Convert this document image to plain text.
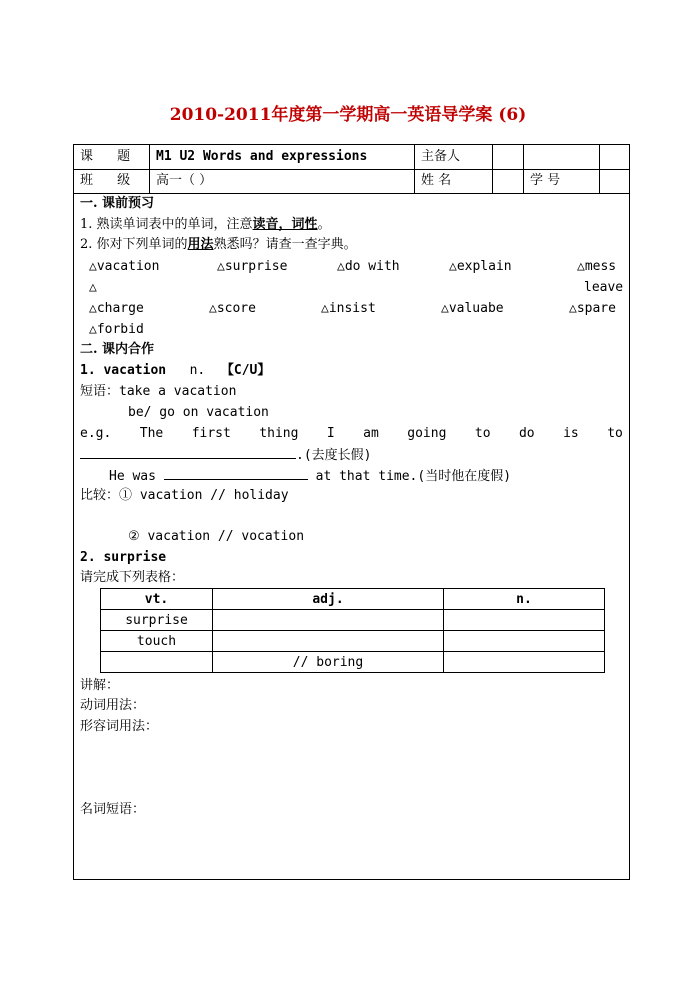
2010-2011年度第一学期高一英语导学案 (6)
课 题	M1 U2 Words and expressions	主备人
班 级	高一（ ）	姓 名	学 号
一. 课前预习
1. 熟读单词表中的单词，注意读音，词性。
2. 你对下列单词的用法熟悉吗？请查一查字典。
△vacation	△surprise	△do with	△explain	△mess
△	leave
△charge	△score	△insist	△valuabe	△spare
△forbid
二. 课内合作
1. vacation n. 【C/U】
短语：take a vacation
be/ go on vacation
e.g. The first thing I am going to do is to
.(去度长假)
He was	at that time.(当时他在度假)
比较：① vacation // holiday
② vacation // vocation
2. surprise
请完成下列表格：
vt.	adj.	n.
surprise		
touch		
	// boring	
讲解：
动词用法：
形容词用法：
名词短语：
